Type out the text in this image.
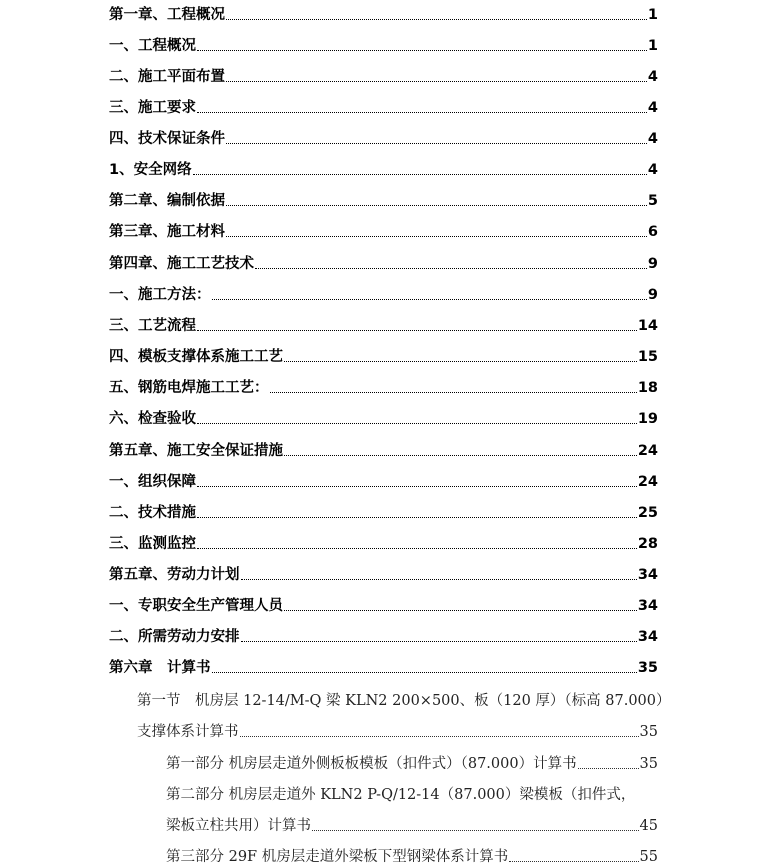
第一章、工程概况	1
一、工程概况	1
二、施工平面布置	4
三、施工要求	4
四、技术保证条件	4
1、安全网络	4
第二章、编制依据	5
第三章、施工材料	6
第四章、施工工艺技术	9
一、施工方法：	9
三、工艺流程	14
四、模板支撑体系施工工艺	15
五、钢筋电焊施工工艺：	18
六、检查验收	19
第五章、施工安全保证措施	24
一、组织保障	24
二、技术措施	25
三、监测监控	28
第五章、劳动力计划	34
一、专职安全生产管理人员	34
二、所需劳动力安排	34
第六章　计算书	35
第一节　机房层 12-14/M-Q 梁 KLN2 200×500、板（120 厚）（标高 87.000）
支撑体系计算书	35
第一部分 机房层走道外侧板板模板（扣件式）（87.000）计算书	35
第二部分 机房层走道外 KLN2 P-Q/12-14（87.000）梁模板（扣件式，
梁板立柱共用）计算书	45
第三部分 29F 机房层走道外梁板下型钢梁体系计算书	55
